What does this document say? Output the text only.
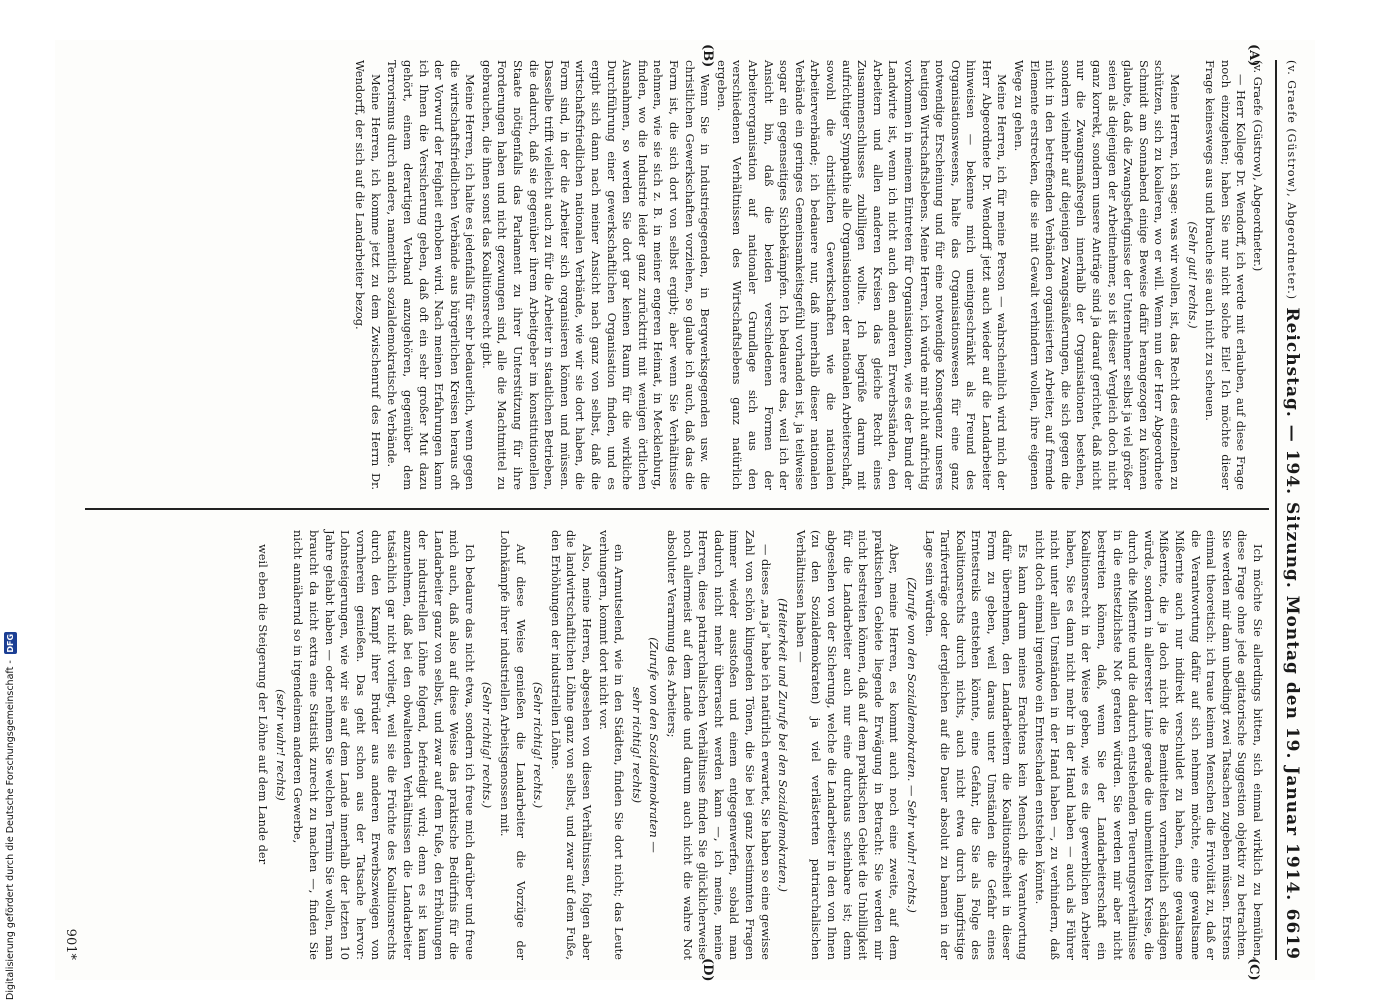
(v. Graefe (Güstrow), Abgeordneter.)
Reichstag. — 194. Sitzung. Montag den 19. Januar 1914.
6619
(A)
(B)
(C)
(D)

(v. Graefe (Güstrow), Abgeordneter.)

— Herr Kollege Dr. Wendorff, ich werde mit erlauben, auf diese Frage noch einzugehen; haben Sie nur nicht solche Eile! Ich möchte dieser Frage keineswegs aus und brauche sie auch nicht zu scheuen.

(Sehr gut! rechts.)

Meine Herren, ich sage: was wir wollen, ist, das Recht des einzelnen zu schützen, sich zu koalieren, wo er will. Wenn nun der Herr Abgeordnete Schmidt am Sonnabend einige Beweise dafür herangezogen zu können glaubte, daß die Zwangsbefugnisse der Unternehmer selbst ja viel größer seien als diejenigen der Arbeitnehmer, so ist dieser Vergleich doch nicht ganz korrekt, sondern unsere Anträge sind ja darauf gerichtet, daß nicht nur die Zwangsmaßregeln innerhalb der Organisationen bestehen, sondern vielmehr auf diejenigen Zwangsäußerungen, die sich gegen die nicht in den betreffenden Verbänden organisierten Arbeiter, auf fremde Elemente erstrecken, die sie mit Gewalt verhindern wollen, ihre eigenen Wege zu gehen.

Meine Herren, ich für meine Person — wahrscheinlich wird mich der Herr Abgeordnete Dr. Wendorff jetzt auch wieder auf die Landarbeiter hinweisen — bekenne mich uneingeschränkt als Freund des Organisationswesens, halte das Organisationswesen für eine ganz notwendige Erscheinung und für eine notwendige Konsequenz unseres heutigen Wirtschaftslebens. Meine Herren, ich würde mir nicht aufrichtig vorkommen in meinem Eintreten für Organisationen, wie es der Bund der Landwirte ist, wenn ich nicht auch den anderen Erwerbsständen, den Arbeitern und allen anderen Kreisen das gleiche Recht eines Zusammenschlusses zubilligen wollte. Ich begrüße darum mit aufrichtiger Sympathie alle Organisationen der nationalen Arbeiterschaft, sowohl die christlichen Gewerkschaften wie die nationalen Arbeiterverbände; ich bedauere nur, daß innerhalb dieser nationalen Verbände ein geringes Gemeinsamkeitsgefühl vorhanden ist, ja teilweise sogar ein gegenseitiges Sichbekämpfen. Ich bedauere das, weil ich der Ansicht bin, daß die beiden verschiedenen Formen der Arbeiterorganisation auf nationaler Grundlage sich aus den verschiedenen Verhältnissen des Wirtschaftslebens ganz natürlich ergeben.

Wenn Sie in Industriegegenden, in Bergwerksgegenden usw. die christlichen Gewerkschaften vorziehen, so glaube ich auch, daß das die Form ist, die sich dort von selbst ergibt; aber wenn Sie Verhältnisse nehmen, wie sie sich z. B. in meiner engeren Heimat, in Mecklenburg, finden, wo die Industrie leider ganz zurücktritt mit wenigen örtlichen Ausnahmen, so werden Sie dort gar keinen Raum für die wirkliche Durchführung einer gewerkschaftlichen Organisation finden, und es ergibt sich dann nach meiner Ansicht nach ganz von selbst, daß die wirtschaftsfriedlichen nationalen Verbände, wie wir sie dort haben, die Form sind, in der die Arbeiter sich organisieren können und müssen. Dasselbe trifft vielleicht auch zu für die Arbeiter in staatlichen Betrieben, die dadurch, daß sie gegenüber ihrem Arbeitgeber im konstitutionellen Staate nötigenfalls das Parlament zu ihrer Unterstützung für ihre Forderungen haben und nicht gezwungen sind, alle die Machtmittel zu gebrauchen, die ihnen sonst das Koalitionsrecht gibt.

Meine Herren, ich halte es jedenfalls für sehr bedauerlich, wenn gegen die wirtschaftsfriedlichen Verbände aus bürgerlichen Kreisen heraus oft der Vorwurf der Feigheit erhoben wird. Nach meinen Erfahrungen kann ich Ihnen die Versicherung geben, daß oft ein sehr großer Mut dazu gehört, einem derartigen Verband anzugehören, gegenüber dem Terrorismus durch andere, namentlich sozialdemokratische Verbände.

Meine Herren, ich komme jetzt zu dem Zwischenruf des Herrn Dr. Wendorff, der sich auf die Landarbeiter bezog.

Ich möchte Sie allerdings bitten, sich einmal wirklich zu bemühen, diese Frage ohne jede agitatorische Suggestion objektiv zu betrachten. Sie werden mir dann unbedingt zwei Tatsachen zugeben müssen. Erstens einmal theoretisch: ich traue keinem Menschen die Frivolität zu, daß er die Verantwortung dafür auf sich nehmen möchte, eine gewaltsame Mißernte auch nur indirekt verschuldet zu haben, eine gewaltsame Mißernte, die ja doch nicht die Bemittelten vornehmlich schädigen würde, sondern in allererster Linie gerade die unbemittelten Kreise, die durch die Mißernte und die dadurch entstehenden Teuerungsverhältnisse in die entsetzlichste Not geraten würden. Sie werden mir aber nicht bestreiten können, daß, wenn Sie der Landarbeiterschaft ein Koalitionsrecht in der Weise geben, wie es die gewerblichen Arbeiter haben, Sie es dann nicht mehr in der Hand haben — auch als Führer nicht unter allen Umständen in der Hand haben —, zu verhindern, daß nicht doch einmal irgendwo ein Ernteschaden entstehen könnte.

Es kann darum meines Erachtens kein Mensch die Verantwortung dafür übernehmen, den Landarbeitern die Koalitionsfreiheit in dieser Form zu geben, weil daraus unter Umständen die Gefahr eines Erntestreiks entstehen könnte, eine Gefahr, die Sie als Folge des Koalitionsrechts durch nichts, auch nicht etwa durch langfristige Tarifverträge oder dergleichen auf die Dauer absolut zu bannen in der Lage sein würden.

(Zurufe von den Sozialdemokraten. — Sehr wahr! rechts.)

Aber, meine Herren, es kommt auch noch eine zweite, auf dem praktischen Gebiete liegende Erwägung in Betracht: Sie werden mir nicht bestreiten können, daß auf dem praktischen Gebiet die Unbilligkeit für die Landarbeiter auch nur eine durchaus scheinbare ist; denn abgesehen von der Sicherung, welche die Landarbeiter in den von Ihnen (zu den Sozialdemokraten) ja viel verlästerten patriarchalischen Verhältnissen haben —

(Heiterkeit und Zurufe bei den Sozialdemokraten.)

— dieses „na ja“ habe ich natürlich erwartet, Sie haben so eine gewisse Zahl von schön klingenden Tönen, die Sie bei ganz bestimmten Fragen immer wieder ausstoßen und einem entgegenwerfen, sobald man dadurch nicht mehr überrascht werden kann —, ich meine, meine Herren, diese patriarchalischen Verhältnisse finden Sie glücklicherweise noch allermeist auf dem Lande und darum auch nicht die wahre Not absoluter Verarmung des Arbeiters;

(Zurufe von den Sozialdemokraten —

sehr richtig! rechts)

ein Armutselend, wie in den Städten, finden Sie dort nicht; das Leute verhungern, kommt dort nicht vor.

Also, meine Herren, abgesehen von diesen Verhältnissen, folgen aber die landwirtschaftlichen Löhne ganz von selbst, und zwar auf dem Fuße, den Erhöhungen der industriellen Löhne.

(Sehr richtig! rechts.)

Auf diese Weise genießen die Landarbeiter die Vorzüge der Lohnkämpfe ihrer industriellen Arbeitsgenossen mit.

(Sehr richtig! rechts.)

Ich bedaure das nicht etwa, sondern ich freue mich darüber und freue mich auch, daß also auf diese Weise das praktische Bedürfnis für die Landarbeiter ganz von selbst, und zwar auf dem Fuße, den Erhöhungen der industriellen Löhne folgend, befriedigt wird; denn es ist kaum anzunehmen, daß bei den obwaltenden Verhältnissen die Landarbeiter tatsächlich gar nicht vorliegt, weil sie die Früchte des Koalitionsrechts durch den Kampf ihrer Brüder aus anderen Erwerbszweigen von vornherein genießen. Das geht schon aus der Tatsache hervor: Lohnsteigerungen, wie wir sie auf dem Lande innerhalb der letzten 10 Jahre gehabt haben — oder nehmen Sie welchen Termin Sie wollen, man braucht da nicht extra eine Statistik zurecht zu machen —, finden Sie nicht annähernd so in irgendeinem anderen Gewerbe,

(sehr wahr! rechts)

weil eben die Steigerung der Löhne auf dem Lande der

901*
Digitalisierung gefördert durch die Deutsche Forschungsgemeinschaft -
DFG
